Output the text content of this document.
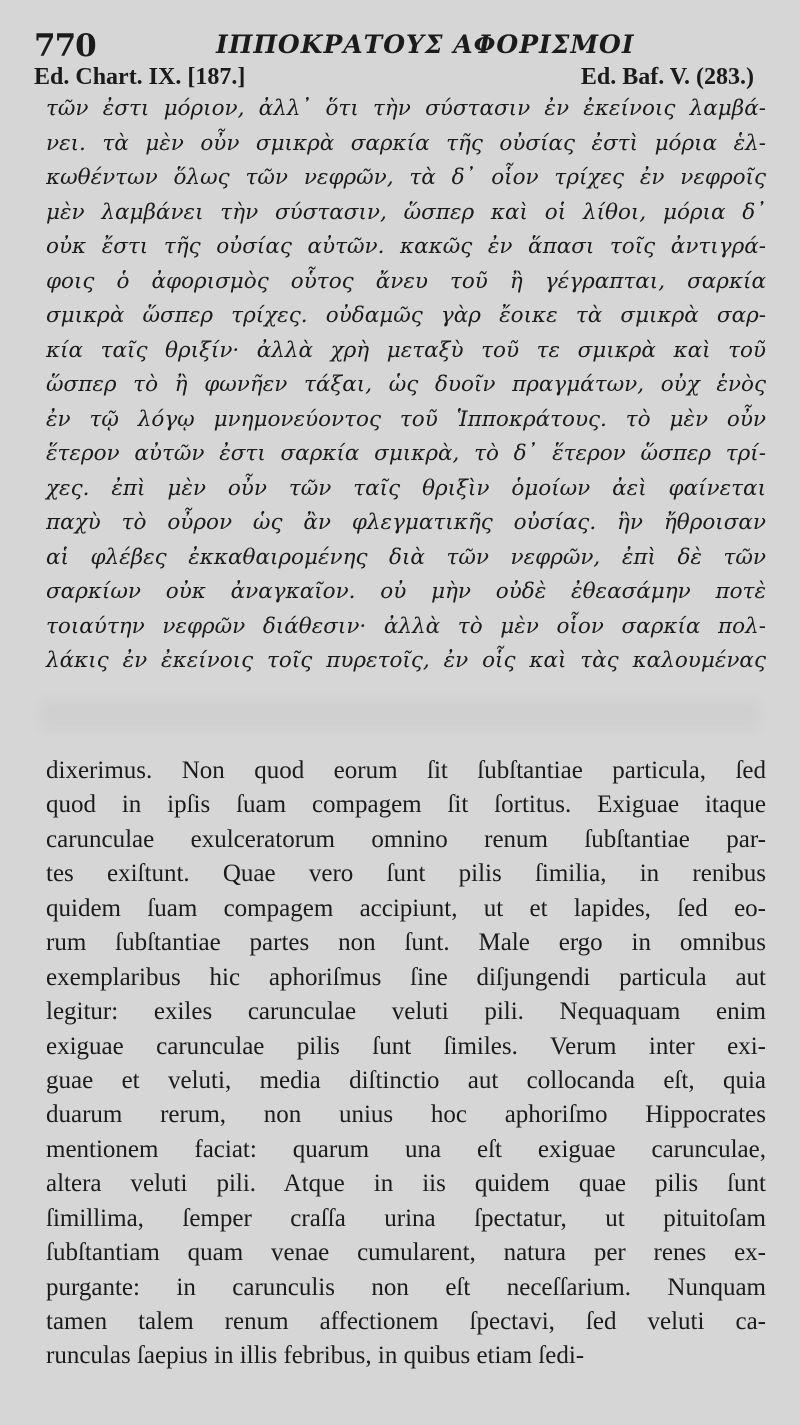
770	ΙΠΠΟΚΡΑΤΟΥΣ ΑΦΟΡΙΣΜΟΙ
Ed. Chart. IX. [187.]	Ed. Baf. V. (283.)
τῶν ἐστι μόριον, ἀλλ᾽ ὅτι τὴν σύστασιν ἐν ἐκείνοις λαμβά-
νει. τὰ μὲν οὖν σμικρὰ σαρκία τῆς οὐσίας ἐστὶ μόρια ἑλ-
κωθέντων ὅλως τῶν νεφρῶν, τὰ δ᾽ οἷον τρίχες ἐν νεφροῖς
μὲν λαμβάνει τὴν σύστασιν, ὥσπερ καὶ οἱ λίθοι, μόρια δ᾽
οὐκ ἔστι τῆς οὐσίας αὐτῶν. κακῶς ἐν ἅπασι τοῖς ἀντιγρά-
φοις ὁ ἀφορισμὸς οὗτος ἄνευ τοῦ ἢ γέγραπται, σαρκία
σμικρὰ ὥσπερ τρίχες. οὐδαμῶς γὰρ ἔοικε τὰ σμικρὰ σαρ-
κία ταῖς θριξίν· ἀλλὰ χρὴ μεταξὺ τοῦ τε σμικρὰ καὶ τοῦ
ὥσπερ τὸ ἢ φωνῆεν τάξαι, ὡς δυοῖν πραγμάτων, οὐχ ἑνὸς
ἐν τῷ λόγῳ μνημονεύοντος τοῦ Ἱπποκράτους. τὸ μὲν οὖν
ἕτερον αὐτῶν ἐστι σαρκία σμικρὰ, τὸ δ᾽ ἕτερον ὥσπερ τρί-
χες. ἐπὶ μὲν οὖν τῶν ταῖς θριξὶν ὁμοίων ἀεὶ φαίνεται
παχὺ τὸ οὖρον ὡς ἂν φλεγματικῆς οὐσίας. ἣν ἤθροισαν
αἱ φλέβες ἐκκαθαιρομένης διὰ τῶν νεφρῶν, ἐπὶ δὲ τῶν
σαρκίων οὐκ ἀναγκαῖον. οὐ μὴν οὐδὲ ἐθεασάμην ποτὲ
τοιαύτην νεφρῶν διάθεσιν· ἀλλὰ τὸ μὲν οἷον σαρκία πολ-
λάκις ἐν ἐκείνοις τοῖς πυρετοῖς, ἐν οἷς καὶ τὰς καλουμένας
dixerimus. Non quod eorum ſit ſubſtantiae particula, ſed
quod in ipſis ſuam compagem ſit ſortitus. Exiguae itaque
carunculae exulceratorum omnino renum ſubſtantiae par-
tes exiſtunt. Quae vero ſunt pilis ſimilia, in renibus
quidem ſuam compagem accipiunt, ut et lapides, ſed eo-
rum ſubſtantiae partes non ſunt. Male ergo in omnibus
exemplaribus hic aphoriſmus ſine diſjungendi particula aut
legitur: exiles carunculae veluti pili. Nequaquam enim
exiguae carunculae pilis ſunt ſimiles. Verum inter exi-
guae et veluti, media diſtinctio aut collocanda eſt, quia
duarum rerum, non unius hoc aphoriſmo Hippocrates
mentionem faciat: quarum una eſt exiguae carunculae,
altera veluti pili. Atque in iis quidem quae pilis ſunt
ſimillima, ſemper craſſa urina ſpectatur, ut pituitoſam
ſubſtantiam quam venae cumularent, natura per renes ex-
purgante: in carunculis non eſt neceſſarium. Nunquam
tamen talem renum affectionem ſpectavi, ſed veluti ca-
runculas ſaepius in illis febribus, in quibus etiam ſedi-
